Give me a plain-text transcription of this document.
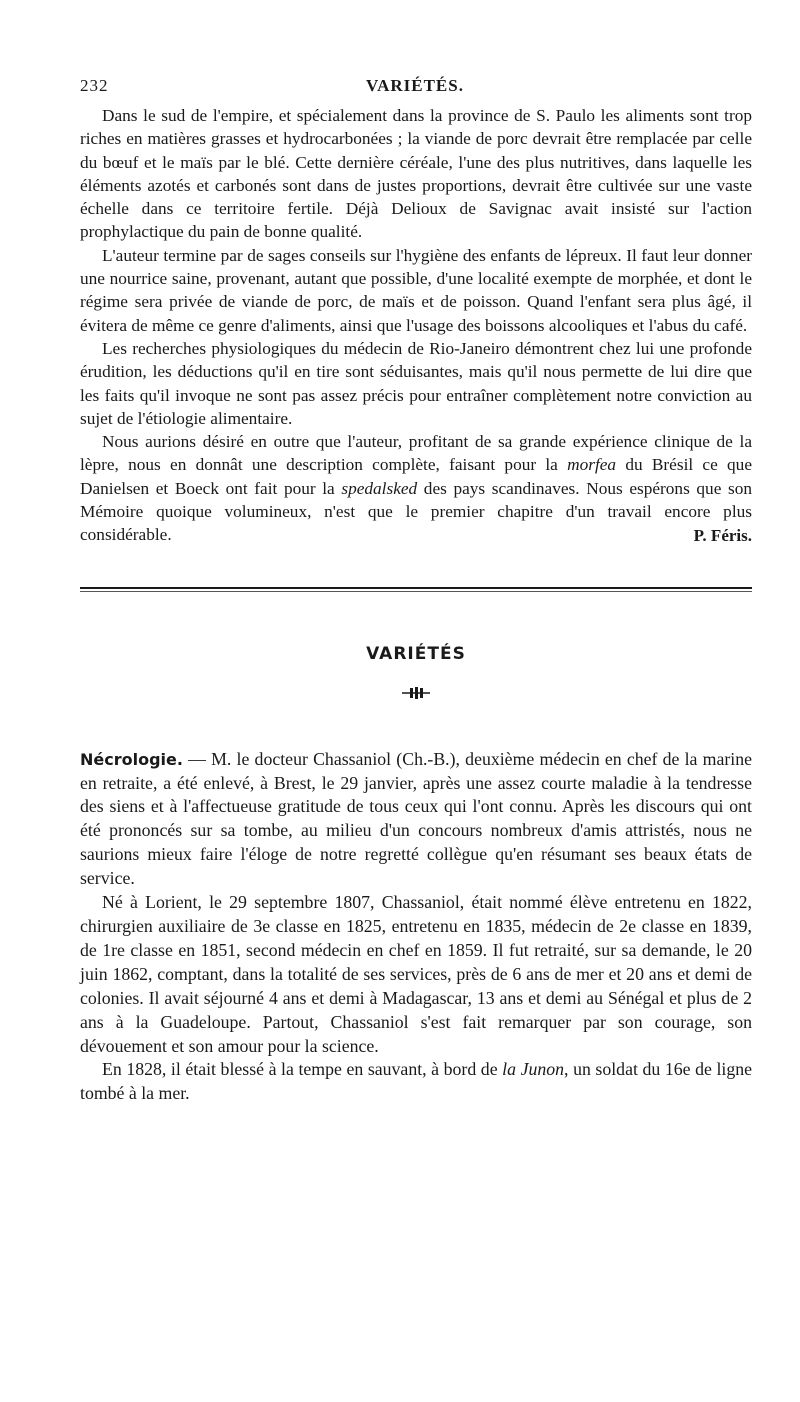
232	VARIÉTÉS.

Dans le sud de l'empire, et spécialement dans la province de S. Paulo les aliments sont trop riches en matières grasses et hydrocarbonées ; la viande de porc devrait être remplacée par celle du bœuf et le maïs par le blé. Cette dernière céréale, l'une des plus nutritives, dans laquelle les éléments azotés et carbonés sont dans de justes proportions, devrait être cultivée sur une vaste échelle dans ce territoire fertile. Déjà Delioux de Savignac avait insisté sur l'action prophylactique du pain de bonne qualité.

L'auteur termine par de sages conseils sur l'hygiène des enfants de lépreux. Il faut leur donner une nourrice saine, provenant, autant que possible, d'une localité exempte de morphée, et dont le régime sera privée de viande de porc, de maïs et de poisson. Quand l'enfant sera plus âgé, il évitera de même ce genre d'aliments, ainsi que l'usage des boissons alcooliques et l'abus du café.

Les recherches physiologiques du médecin de Rio-Janeiro démontrent chez lui une profonde érudition, les déductions qu'il en tire sont séduisantes, mais qu'il nous permette de lui dire que les faits qu'il invoque ne sont pas assez précis pour entraîner complètement notre conviction au sujet de l'étiologie alimentaire.

Nous aurions désiré en outre que l'auteur, profitant de sa grande expérience clinique de la lèpre, nous en donnât une description complète, faisant pour la morfea du Brésil ce que Danielsen et Boeck ont fait pour la spedalsked des pays scandinaves. Nous espérons que son Mémoire quoique volumineux, n'est que le premier chapitre d'un travail encore plus considérable.	P. Féris.
VARIÉTÉS

Nécrologie. — M. le docteur Chassaniol (Ch.-B.), deuxième médecin en chef de la marine en retraite, a été enlevé, à Brest, le 29 janvier, après une assez courte maladie à la tendresse des siens et à l'affectueuse gratitude de tous ceux qui l'ont connu. Après les discours qui ont été prononcés sur sa tombe, au milieu d'un concours nombreux d'amis attristés, nous ne saurions mieux faire l'éloge de notre regretté collègue qu'en résumant ses beaux états de service.

Né à Lorient, le 29 septembre 1807, Chassaniol, était nommé élève entretenu en 1822, chirurgien auxiliaire de 3e classe en 1825, entretenu en 1835, médecin de 2e classe en 1839, de 1re classe en 1851, second médecin en chef en 1859. Il fut retraité, sur sa demande, le 20 juin 1862, comptant, dans la totalité de ses services, près de 6 ans de mer et 20 ans et demi de colonies. Il avait séjourné 4 ans et demi à Madagascar, 13 ans et demi au Sénégal et plus de 2 ans à la Guadeloupe. Partout, Chassaniol s'est fait remarquer par son courage, son dévouement et son amour pour la science.

En 1828, il était blessé à la tempe en sauvant, à bord de la Junon, un soldat du 16e de ligne tombé à la mer.
